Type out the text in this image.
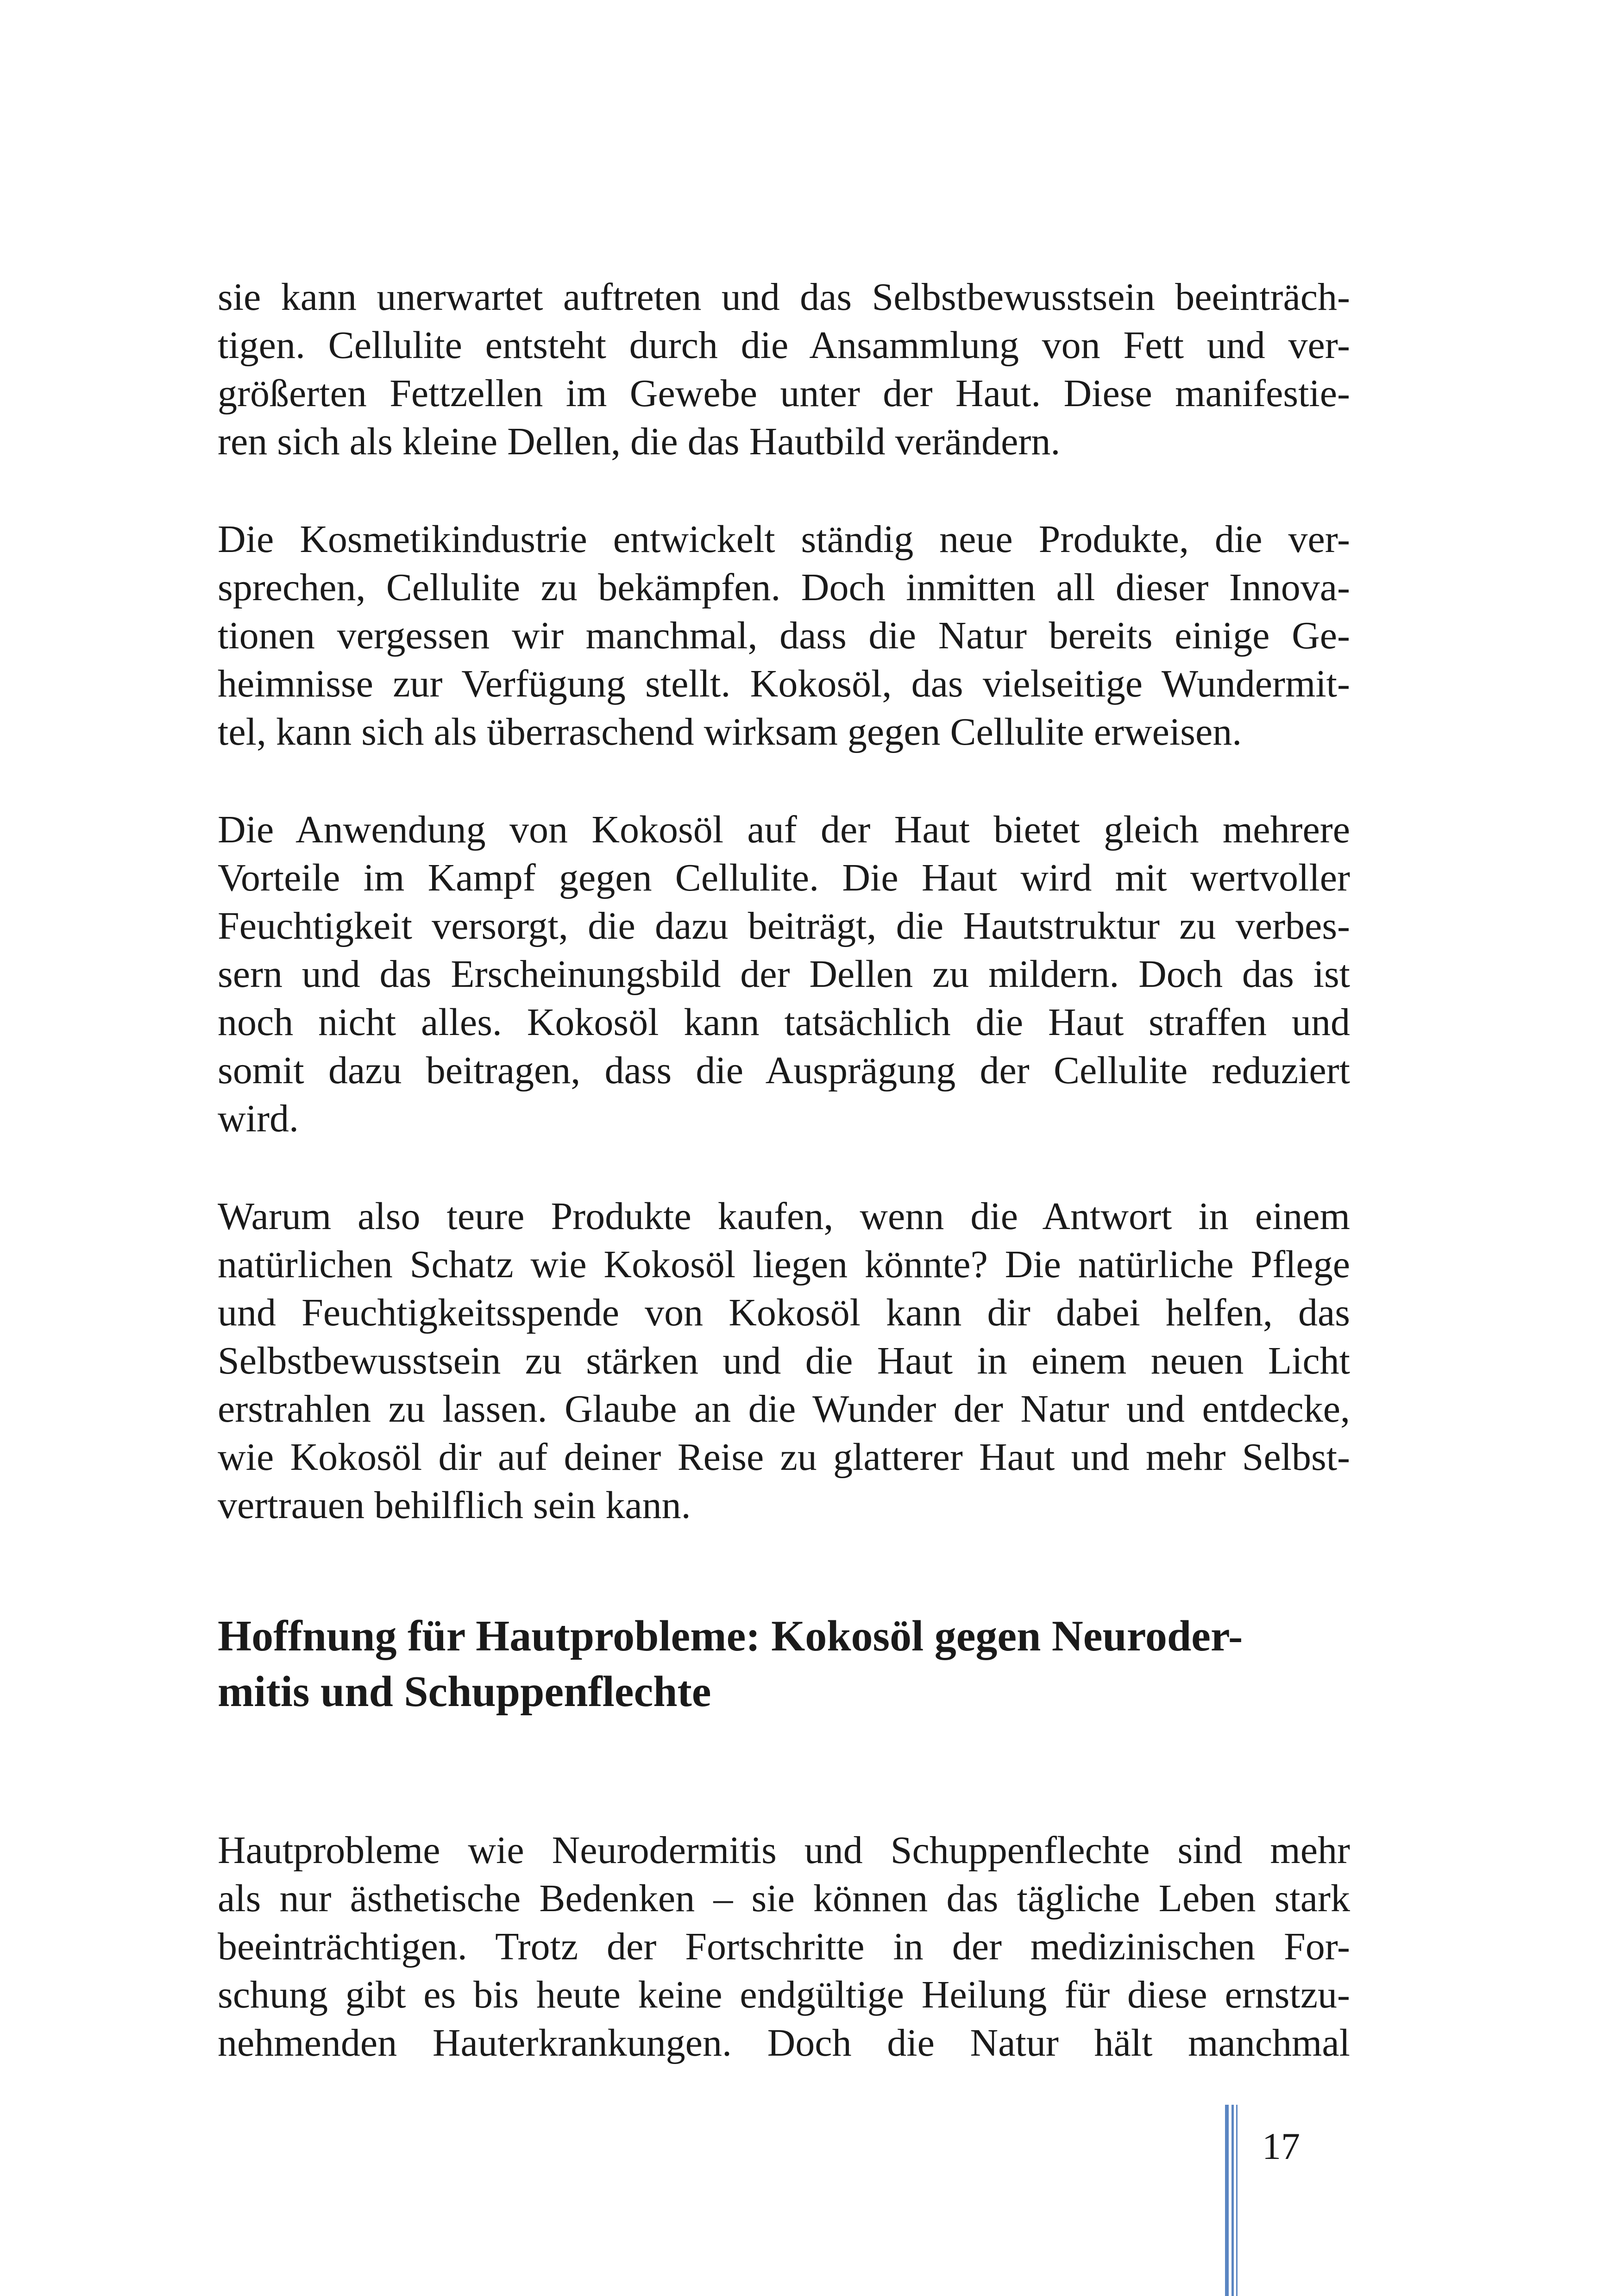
sie kann unerwartet auftreten und das Selbstbewusstsein beeinträch-
tigen. Cellulite entsteht durch die Ansammlung von Fett und ver-
größerten Fettzellen im Gewebe unter der Haut. Diese manifestie-
ren sich als kleine Dellen, die das Hautbild verändern.
Die Kosmetikindustrie entwickelt ständig neue Produkte, die ver-
sprechen, Cellulite zu bekämpfen. Doch inmitten all dieser Innova-
tionen vergessen wir manchmal, dass die Natur bereits einige Ge-
heimnisse zur Verfügung stellt. Kokosöl, das vielseitige Wundermit-
tel, kann sich als überraschend wirksam gegen Cellulite erweisen.
Die Anwendung von Kokosöl auf der Haut bietet gleich mehrere
Vorteile im Kampf gegen Cellulite. Die Haut wird mit wertvoller
Feuchtigkeit versorgt, die dazu beiträgt, die Hautstruktur zu verbes-
sern und das Erscheinungsbild der Dellen zu mildern. Doch das ist
noch nicht alles. Kokosöl kann tatsächlich die Haut straffen und
somit dazu beitragen, dass die Ausprägung der Cellulite reduziert
wird.
Warum also teure Produkte kaufen, wenn die Antwort in einem
natürlichen Schatz wie Kokosöl liegen könnte? Die natürliche Pflege
und Feuchtigkeitsspende von Kokosöl kann dir dabei helfen, das
Selbstbewusstsein zu stärken und die Haut in einem neuen Licht
erstrahlen zu lassen. Glaube an die Wunder der Natur und entdecke,
wie Kokosöl dir auf deiner Reise zu glatterer Haut und mehr Selbst-
vertrauen behilflich sein kann.
Hoffnung für Hautprobleme: Kokosöl gegen Neuroder-
mitis und Schuppenflechte
Hautprobleme wie Neurodermitis und Schuppenflechte sind mehr
als nur ästhetische Bedenken – sie können das tägliche Leben stark
beeinträchtigen. Trotz der Fortschritte in der medizinischen For-
schung gibt es bis heute keine endgültige Heilung für diese ernstzu-
nehmenden Hauterkrankungen. Doch die Natur hält manchmal
17
